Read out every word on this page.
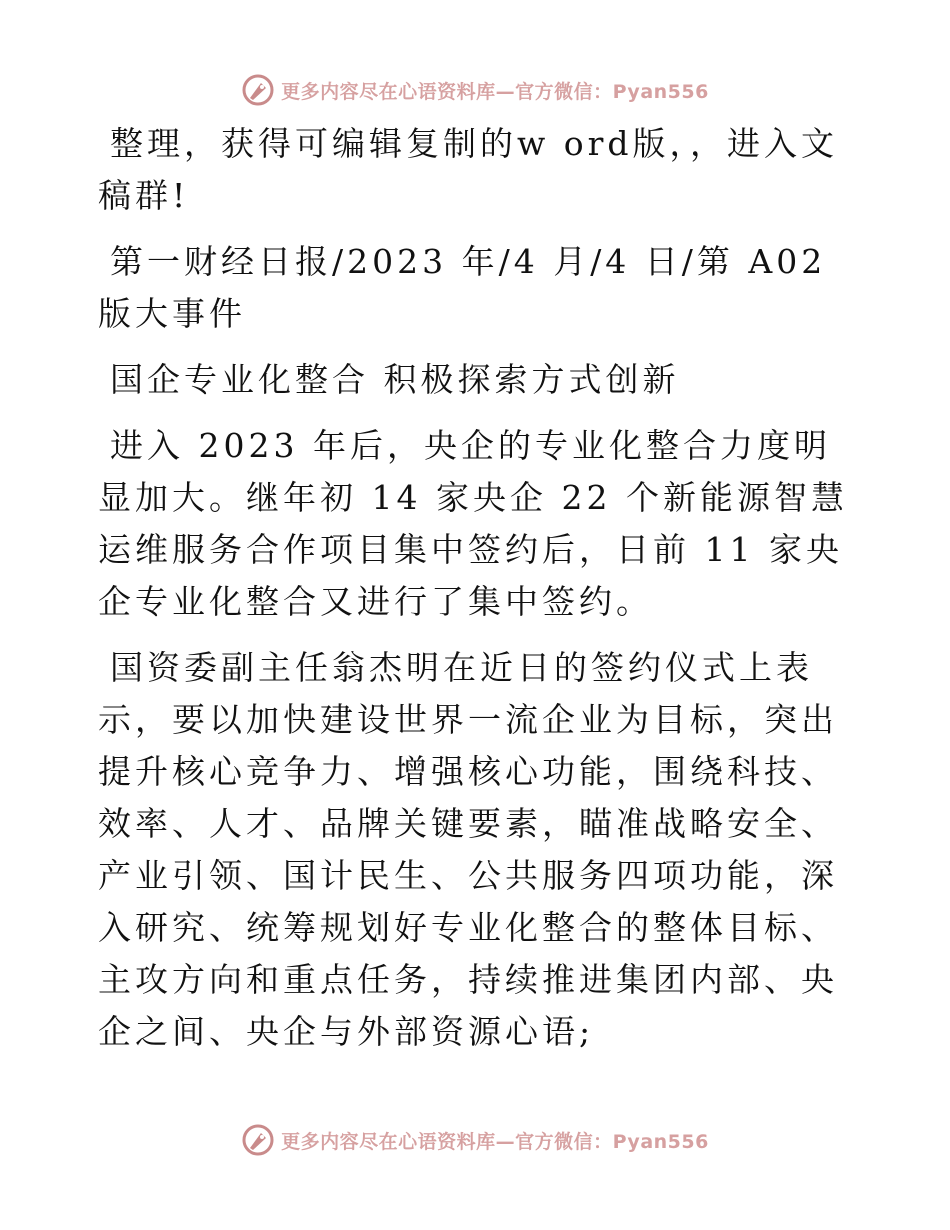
更多内容尽在心语资料库—官方微信：Pyan556

整理，获得可编辑复制的w ord版，，进入文稿群!

第一财经日报/2023 年/4 月/4 日/第 A02 版大事件

国企专业化整合 积极探索方式创新

进入 2023 年后，央企的专业化整合力度明显加大。继年初 14 家央企 22 个新能源智慧运维服务合作项目集中签约后，日前 11 家央企专业化整合又进行了集中签约。

国资委副主任翁杰明在近日的签约仪式上表示，要以加快建设世界一流企业为目标，突出提升核心竞争力、增强核心功能，围绕科技、效率、人才、品牌关键要素，瞄准战略安全、产业引领、国计民生、公共服务四项功能，深入研究、统筹规划好专业化整合的整体目标、主攻方向和重点任务，持续推进集团内部、央企之间、央企与外部资源心语;

更多内容尽在心语资料库—官方微信：Pyan556
